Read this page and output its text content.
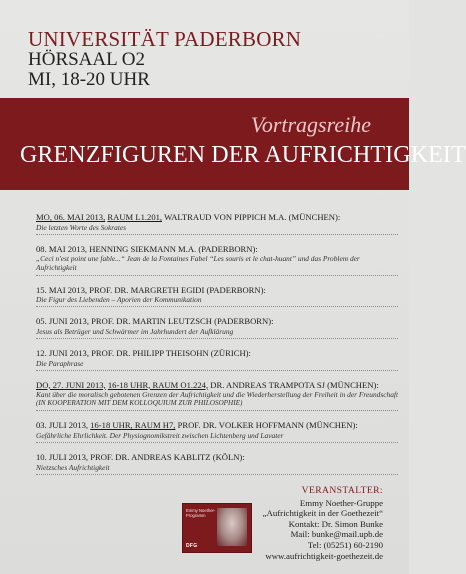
UNIVERSITÄT PADERBORN
HÖRSAAL O2
MI, 18-20 UHR
Vortragsreihe
GRENZFIGUREN DER AUFRICHTIGKEIT
MO, 06. MAI 2013, RAUM L1.201, WALTRAUD VON PIPPICH M.A. (MÜNCHEN):
Die letzten Worte des Sokrates
08. MAI 2013, HENNING SIEKMANN M.A. (PADERBORN):
„Ceci n'est point une fable...“ Jean de la Fontaines Fabel “Les souris et le chat-huant” und das Problem der Aufrichtigkeit
15. MAI 2013, PROF. DR. MARGRETH EGIDI (PADERBORN):
Die Figur des Liebenden – Aporien der Kommunikation
05. JUNI 2013, PROF. DR. MARTIN LEUTZSCH (PADERBORN):
Jesus als Betrüger und Schwärmer im Jahrhundert der Aufklärung
12. JUNI 2013, PROF. DR. PHILIPP THEISOHN (ZÜRICH):
Die Paraphrase
DO, 27. JUNI 2013, 16-18 UHR, RAUM O1.224, DR. ANDREAS TRAMPOTA SJ (MÜNCHEN):
Kant über die moralisch gebotenen Grenzen der Aufrichtigkeit und die Wiederherstellung der Freiheit in der Freundschaft
(IN KOOPERATION MIT DEM KOLLOQUIUM ZUR PHILOSOPHIE)
03. JULI 2013, 16-18 UHR, RAUM H7, PROF. DR. VOLKER HOFFMANN (MÜNCHEN):
Gefährliche Ehrlichkeit. Der Physiognomikstreit zwischen Lichtenberg und Lavater
10. JULI 2013, PROF. DR. ANDREAS KABLITZ (KÖLN):
Nietzsches Aufrichtigkeit
Emmy Noether-Programm
DFG
VERANSTALTER:
Emmy Noether-Gruppe
„Aufrichtigkeit in der Goethezeit“
Kontakt: Dr. Simon Bunke
Mail: bunke@mail.upb.de
Tel: (05251) 60-2190
www.aufrichtigkeit-goethezeit.de
